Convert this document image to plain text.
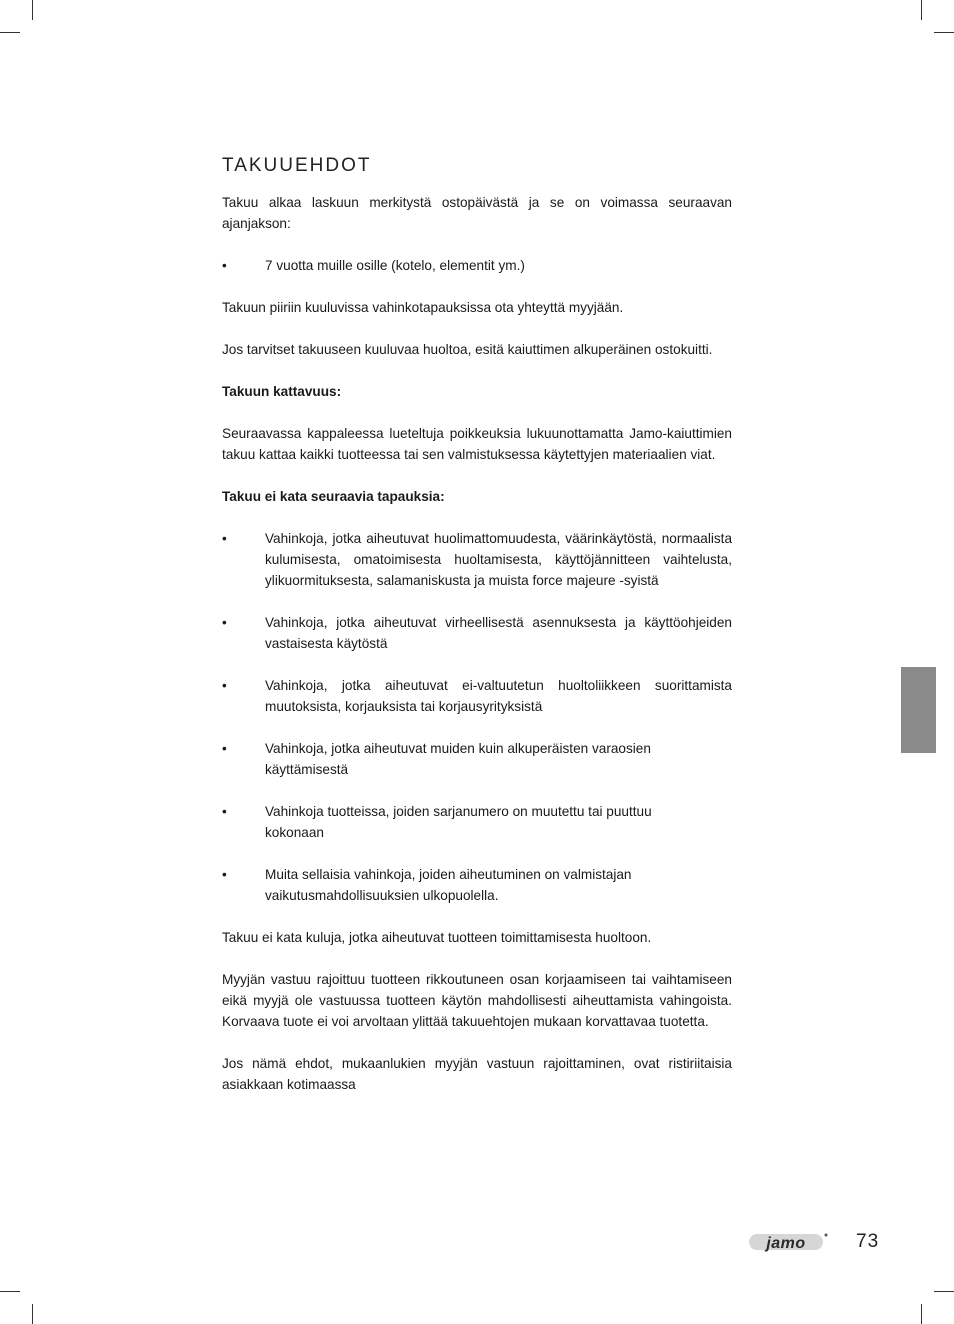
TAKUUEHDOT

Takuu alkaa laskuun merkitystä ostopäivästä ja se on voimassa seuraavan ajanjakson:

•	7 vuotta muille osille (kotelo, elementit ym.)

Takuun piiriin kuuluvissa vahinkotapauksissa ota yhteyttä myyjään.

Jos tarvitset takuuseen kuuluvaa huoltoa, esitä kaiuttimen alkuperäinen ostokuitti.

Takuun kattavuus:

Seuraavassa kappaleessa lueteltuja poikkeuksia lukuunottamatta Jamo-kaiuttimien takuu kattaa kaikki tuotteessa tai sen valmistuksessa käytettyjen materiaalien viat.

Takuu ei kata seuraavia tapauksia:

•	Vahinkoja, jotka aiheutuvat huolimattomuudesta, väärinkäytöstä, normaalista kulumisesta, omatoimisesta huoltamisesta, käyttöjännitteen vaihtelusta, ylikuormituksesta, salamaniskusta ja muista force majeure -syistä
•	Vahinkoja, jotka aiheutuvat virheellisestä asennuksesta ja käyttöohjeiden vastaisesta käytöstä
•	Vahinkoja, jotka aiheutuvat ei-valtuutetun huoltoliikkeen suorittamista muutoksista, korjauksista tai korjausyrityksistä
•	Vahinkoja, jotka aiheutuvat muiden kuin alkuperäisten varaosien käyttämisestä
•	Vahinkoja tuotteissa, joiden sarjanumero on muutettu tai puuttuu kokonaan
•	Muita sellaisia vahinkoja, joiden aiheutuminen on valmistajan vaikutusmahdollisuuksien ulkopuolella.

Takuu ei kata kuluja, jotka aiheutuvat tuotteen toimittamisesta huoltoon.

Myyjän vastuu rajoittuu tuotteen rikkoutuneen osan korjaamiseen tai vaihtamiseen eikä myyjä ole vastuussa tuotteen käytön mahdollisesti aiheuttamista vahingoista. Korvaava tuote ei voi arvoltaan ylittää takuuehtojen mukaan korvattavaa tuotetta.

Jos nämä ehdot, mukaanlukien myyjän vastuun rajoittaminen, ovat ristiriitaisia asiakkaan kotimaassa

jamo	73
